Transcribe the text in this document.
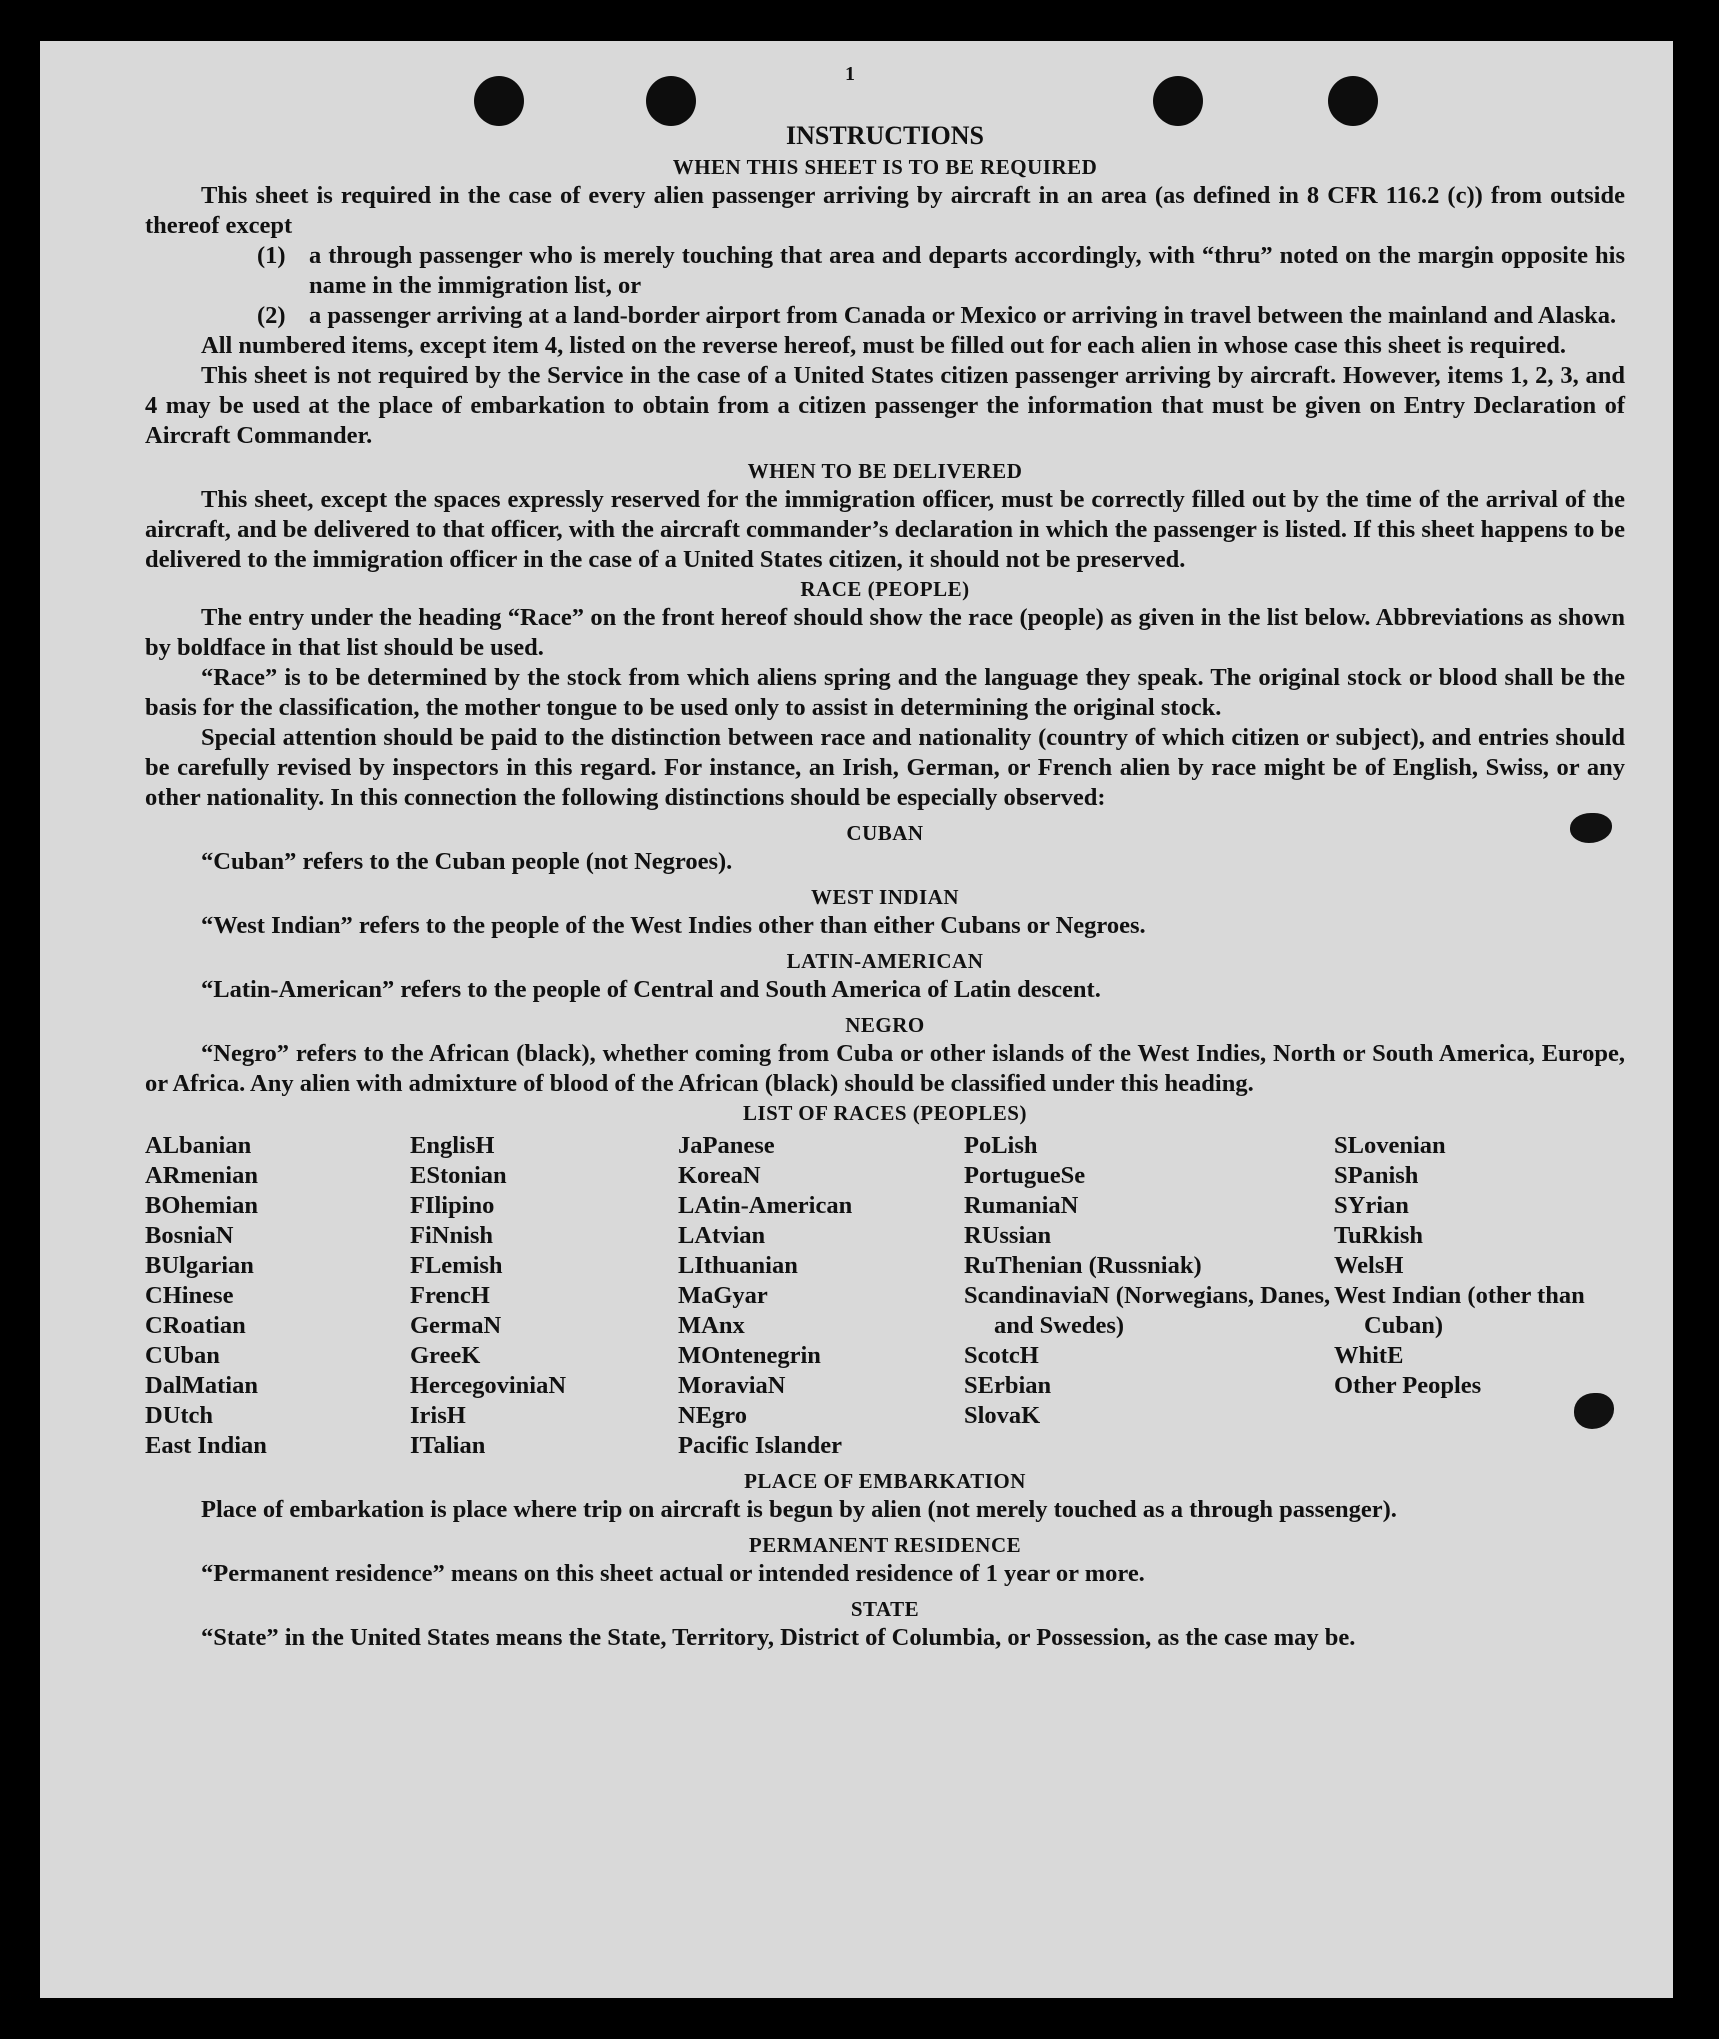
1

INSTRUCTIONS

WHEN THIS SHEET IS TO BE REQUIRED

This sheet is required in the case of every alien passenger arriving by aircraft in an area (as defined in 8 CFR 116.2 (c)) from outside thereof except

(1) a through passenger who is merely touching that area and departs accordingly, with “thru” noted on the margin opposite his name in the immigration list, or
(2) a passenger arriving at a land-border airport from Canada or Mexico or arriving in travel between the mainland and Alaska.

All numbered items, except item 4, listed on the reverse hereof, must be filled out for each alien in whose case this sheet is required.

This sheet is not required by the Service in the case of a United States citizen passenger arriving by aircraft. However, items 1, 2, 3, and 4 may be used at the place of embarkation to obtain from a citizen passenger the information that must be given on Entry Declaration of Aircraft Commander.

WHEN TO BE DELIVERED

This sheet, except the spaces expressly reserved for the immigration officer, must be correctly filled out by the time of the arrival of the aircraft, and be delivered to that officer, with the aircraft commander’s declaration in which the passenger is listed. If this sheet happens to be delivered to the immigration officer in the case of a United States citizen, it should not be preserved.

RACE (PEOPLE)

The entry under the heading “Race” on the front hereof should show the race (people) as given in the list below. Abbreviations as shown by boldface in that list should be used.

“Race” is to be determined by the stock from which aliens spring and the language they speak. The original stock or blood shall be the basis for the classification, the mother tongue to be used only to assist in determining the original stock.

Special attention should be paid to the distinction between race and nationality (country of which citizen or subject), and entries should be carefully revised by inspectors in this regard. For instance, an Irish, German, or French alien by race might be of English, Swiss, or any other nationality. In this connection the following distinctions should be especially observed:

CUBAN

“Cuban” refers to the Cuban people (not Negroes).

WEST INDIAN

“West Indian” refers to the people of the West Indies other than either Cubans or Negroes.

LATIN-AMERICAN

“Latin-American” refers to the people of Central and South America of Latin descent.

NEGRO

“Negro” refers to the African (black), whether coming from Cuba or other islands of the West Indies, North or South America, Europe, or Africa. Any alien with admixture of blood of the African (black) should be classified under this heading.

LIST OF RACES (PEOPLES)

ALbanian
ARmenian
BOhemian
BosniaN
BUlgarian
CHinese
CRoatian
CUban
DalMatian
DUtch
East Indian
EnglisH
EStonian
FIlipino
FiNnish
FLemish
FrencH
GermaN
GreeK
HercegoviniaN
IrisH
ITalian
JaPanese
KoreaN
LAtin-American
LAtvian
LIthuanian
MaGyar
MAnx
MOntenegrin
MoraviaN
NEgro
Pacific Islander
PoLish
PortugueSe
RumaniaN
RUssian
RuThenian (Russniak)
ScandinaviaN (Norwegians, Danes, and Swedes)
ScotcH
SErbian
SlovaK
SLovenian
SPanish
SYrian
TuRkish
WelsH
West Indian (other than Cuban)
WhitE
Other Peoples

PLACE OF EMBARKATION

Place of embarkation is place where trip on aircraft is begun by alien (not merely touched as a through passenger).

PERMANENT RESIDENCE

“Permanent residence” means on this sheet actual or intended residence of 1 year or more.

STATE

“State” in the United States means the State, Territory, District of Columbia, or Possession, as the case may be.
